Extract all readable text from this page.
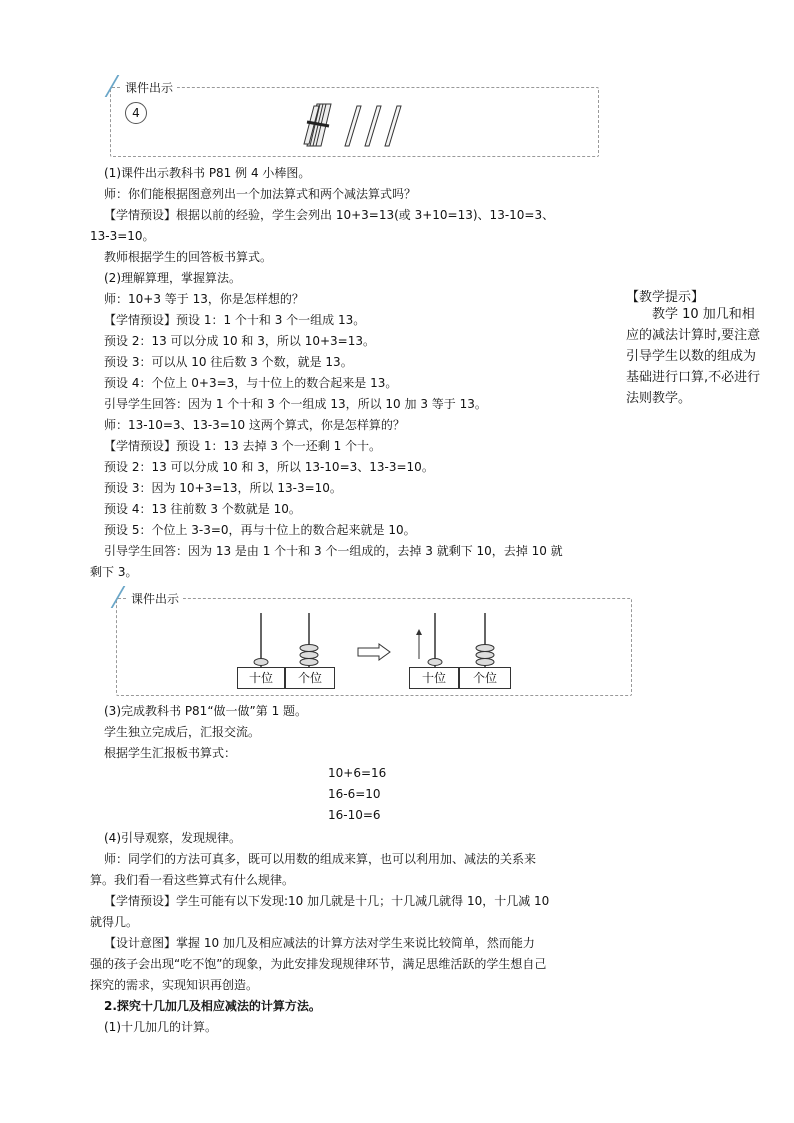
课件出示
4
(1)课件出示教科书 P81 例 4 小棒图。
师：你们能根据图意列出一个加法算式和两个减法算式吗？
【学情预设】根据以前的经验，学生会列出 10+3=13(或 3+10=13)、13-10=3、
13-3=10。
教师根据学生的回答板书算式。
(2)理解算理，掌握算法。
师：10+3 等于 13，你是怎样想的？
【学情预设】预设 1：1 个十和 3 个一组成 13。
预设 2：13 可以分成 10 和 3，所以 10+3=13。
预设 3：可以从 10 往后数 3 个数，就是 13。
预设 4：个位上 0+3=3，与十位上的数合起来是 13。
引导学生回答：因为 1 个十和 3 个一组成 13，所以 10 加 3 等于 13。
师：13-10=3、13-3=10 这两个算式，你是怎样算的？
【学情预设】预设 1：13 去掉 3 个一还剩 1 个十。
预设 2：13 可以分成 10 和 3，所以 13-10=3、13-3=10。
预设 3：因为 10+3=13，所以 13-3=10。
预设 4：13 往前数 3 个数就是 10。
预设 5：个位上 3-3=0，再与十位上的数合起来就是 10。
引导学生回答：因为 13 是由 1 个十和 3 个一组成的，去掉 3 就剩下 10，去掉 10 就
剩下 3。
【教学提示】
教学 10 加几和相应的减法计算时,要注意引导学生以数的组成为基础进行口算,不必进行法则教学。
课件出示
十位	个位	十位	个位
(3)完成教科书 P81“做一做”第 1 题。
学生独立完成后，汇报交流。
根据学生汇报板书算式：
10+6=16
16-6=10
16-10=6
(4)引导观察，发现规律。
师：同学们的方法可真多，既可以用数的组成来算，也可以利用加、减法的关系来
算。我们看一看这些算式有什么规律。
【学情预设】学生可能有以下发现:10 加几就是十几；十几减几就得 10，十几减 10
就得几。
【设计意图】掌握 10 加几及相应减法的计算方法对学生来说比较简单，然而能力
强的孩子会出现“吃不饱”的现象，为此安排发现规律环节，满足思维活跃的学生想自己
探究的需求，实现知识再创造。
2.探究十几加几及相应减法的计算方法。
(1)十几加几的计算。
